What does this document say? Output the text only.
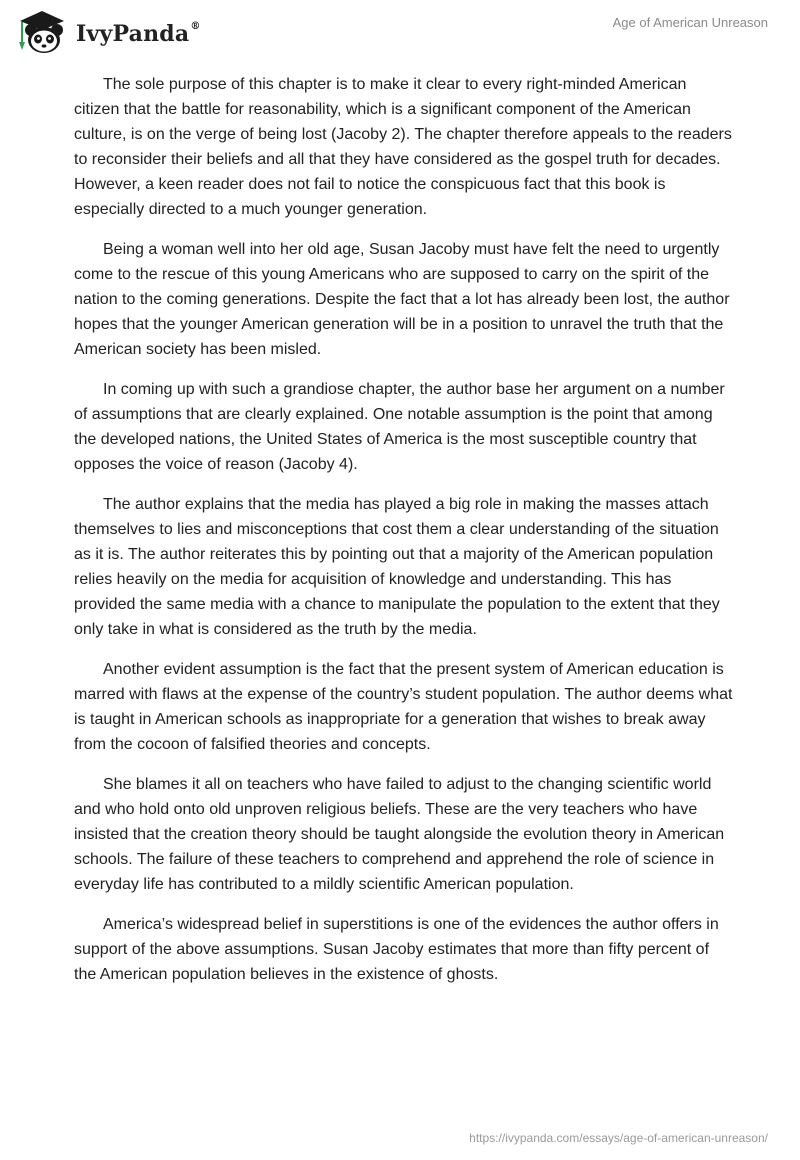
IvyPanda®	Age of American Unreason

The sole purpose of this chapter is to make it clear to every right-minded American citizen that the battle for reasonability, which is a significant component of the American culture, is on the verge of being lost (Jacoby 2). The chapter therefore appeals to the readers to reconsider their beliefs and all that they have considered as the gospel truth for decades. However, a keen reader does not fail to notice the conspicuous fact that this book is especially directed to a much younger generation.

Being a woman well into her old age, Susan Jacoby must have felt the need to urgently come to the rescue of this young Americans who are supposed to carry on the spirit of the nation to the coming generations. Despite the fact that a lot has already been lost, the author hopes that the younger American generation will be in a position to unravel the truth that the American society has been misled.

In coming up with such a grandiose chapter, the author base her argument on a number of assumptions that are clearly explained. One notable assumption is the point that among the developed nations, the United States of America is the most susceptible country that opposes the voice of reason (Jacoby 4).

The author explains that the media has played a big role in making the masses attach themselves to lies and misconceptions that cost them a clear understanding of the situation as it is. The author reiterates this by pointing out that a majority of the American population relies heavily on the media for acquisition of knowledge and understanding. This has provided the same media with a chance to manipulate the population to the extent that they only take in what is considered as the truth by the media.

Another evident assumption is the fact that the present system of American education is marred with flaws at the expense of the country’s student population. The author deems what is taught in American schools as inappropriate for a generation that wishes to break away from the cocoon of falsified theories and concepts.

She blames it all on teachers who have failed to adjust to the changing scientific world and who hold onto old unproven religious beliefs. These are the very teachers who have insisted that the creation theory should be taught alongside the evolution theory in American schools. The failure of these teachers to comprehend and apprehend the role of science in everyday life has contributed to a mildly scientific American population.

America’s widespread belief in superstitions is one of the evidences the author offers in support of the above assumptions. Susan Jacoby estimates that more than fifty percent of the American population believes in the existence of ghosts.

https://ivypanda.com/essays/age-of-american-unreason/
